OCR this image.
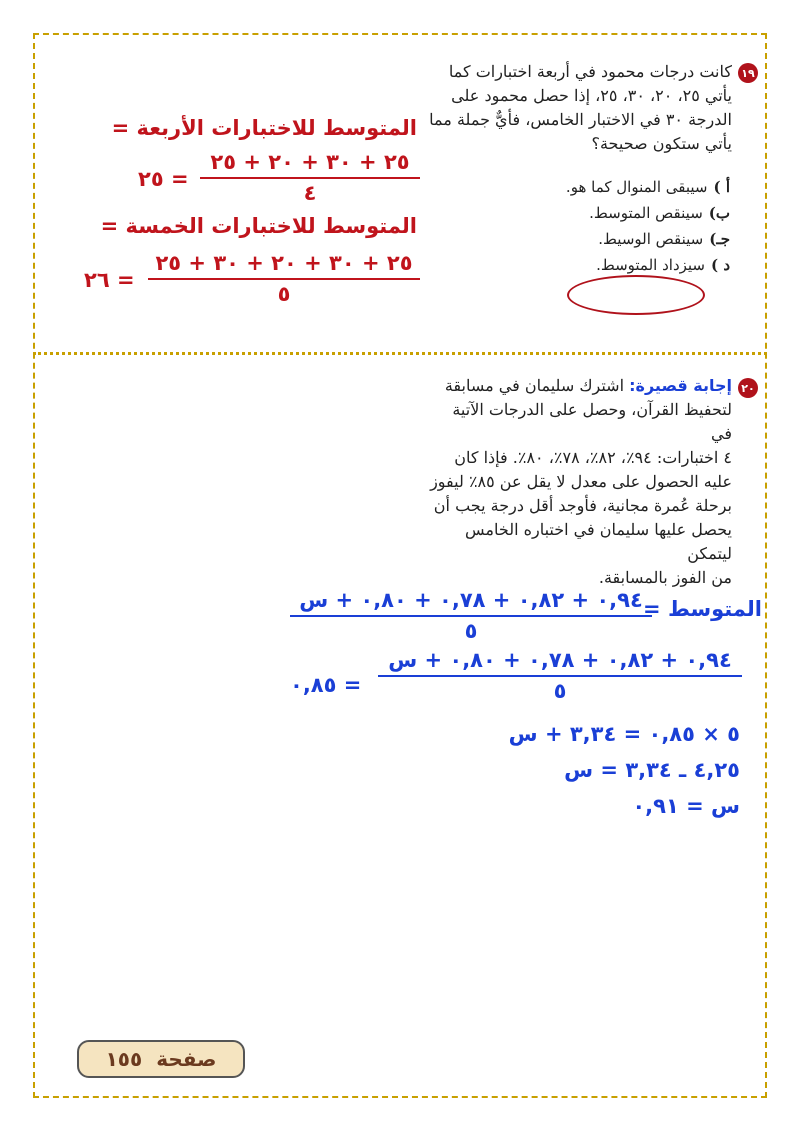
١٩

كانت درجات محمود في أربعة اختبارات كما

يأتي ٢٥، ٢٠، ٣٠، ٢٥، إذا حصل محمود على

الدرجة ٣٠ في الاختبار الخامس، فأيٌّ جملة مما

يأتي ستكون صحيحة؟

أ )
سيبقى المنوال كما هو.
ب)
سينقص المتوسط.
جـ)
سينقص الوسيط.
د )
سيزداد المتوسط.
المتوسط للاختبارات الأربعة =
٢٥ + ٣٠ + ٢٠ + ٢٥
٤
= ٢٥
المتوسط للاختبارات الخمسة =
٢٥ + ٣٠ + ٢٠ + ٣٠ + ٢٥
٥
= ٢٦
٢٠

إجابة قصيرة: اشترك سليمان في مسابقة

لتحفيظ القرآن، وحصل على الدرجات الآتية في

٤ اختبارات: ٩٤٪، ٨٢٪، ٧٨٪، ٨٠٪. فإذا كان

عليه الحصول على معدل لا يقل عن ٨٥٪ ليفوز

برحلة عُمرة مجانية، فأوجد أقل درجة يجب أن

يحصل عليها سليمان في اختباره الخامس ليتمكن

من الفوز بالمسابقة.

المتوسط =
٠,٩٤ + ٠,٨٢ + ٠,٧٨ + ٠,٨٠ + س
٥
٠,٩٤ + ٠,٨٢ + ٠,٧٨ + ٠,٨٠ + س
٥
= ٠,٨٥
٥ × ٠,٨٥ = ٣,٣٤ + س
٤,٢٥ ـ ٣,٣٤ = س
س = ٠,٩١
صفحة
١٥٥
